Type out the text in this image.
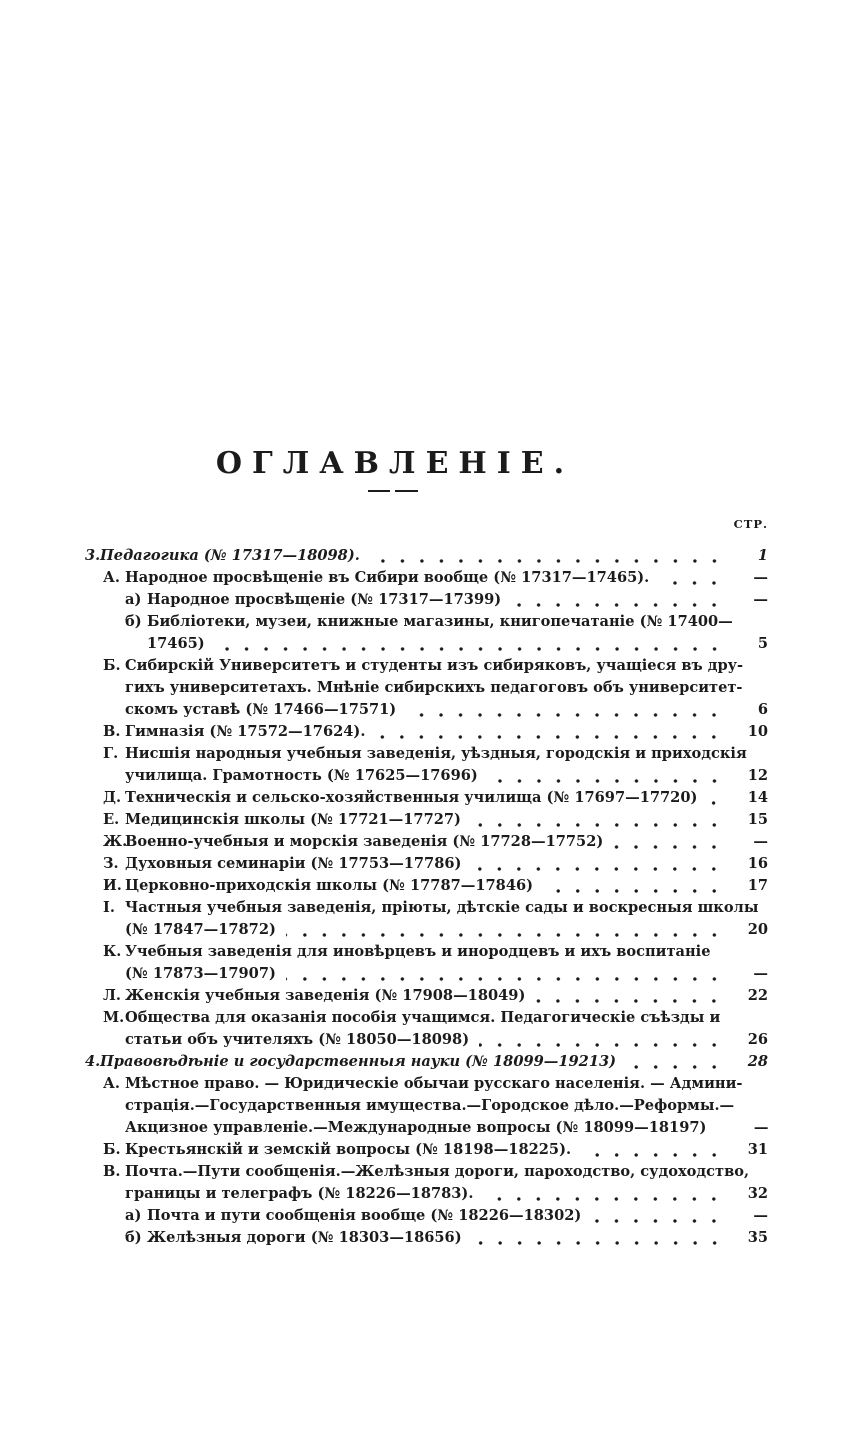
ОГЛАВЛЕНІЕ.
СТР.
3. Педагогика (№ 17317—18098).	1
А. Народное просвѣщеніе въ Сибири вообще (№ 17317—17465).	—
а) Народное просвѣщеніе (№ 17317—17399)	—
б) Библіотеки, музеи, книжные магазины, книгопечатаніе (№ 17400—
17465)	5
Б. Сибирскій Университетъ и студенты изъ сибиряковъ, учащіеся въ дру-
гихъ университетахъ. Мнѣніе сибирскихъ педагоговъ объ университет-
скомъ уставѣ (№ 17466—17571)	6
В. Гимназія (№ 17572—17624).	10
Г. Нисшія народныя учебныя заведенія, уѣздныя, городскія и приходскія
училища. Грамотность (№ 17625—17696)	12
Д. Техническія и сельско-хозяйственныя училища (№ 17697—17720)	14
Е. Медицинскія школы (№ 17721—17727)	15
Ж.
Военно-учебныя и морскія заведенія (№ 17728—17752)	—
З. Духовныя семинаріи (№ 17753—17786)	16
И. Церковно-приходскія школы (№ 17787—17846)	17
І. Частныя учебныя заведенія, пріюты, дѣтскіе сады и воскресныя школы
(№ 17847—17872)	20
К. Учебныя заведенія для иновѣрцевъ и инородцевъ и ихъ воспитаніе
(№ 17873—17907)	—
Л. Женскія учебныя заведенія (№ 17908—18049)	22
М. Общества для оказанія пособія учащимся. Педагогическіе съѣзды и
статьи объ учителяхъ (№ 18050—18098)	26
4. Правовѣдѣніе и государственныя науки (№ 18099—19213)	28
А. Мѣстное право. — Юридическіе обычаи русскаго населенія. — Админи-
страція.—Государственныя имущества.—Городское дѣло.—Реформы.—
Акцизное управленіе.—Международные вопросы (№ 18099—18197)	—
Б. Крестьянскій и земскій вопросы (№ 18198—18225).	31
В. Почта.—Пути сообщенія.—Желѣзныя дороги, пароходство, судоходство,
границы и телеграфъ (№ 18226—18783).	32
а) Почта и пути сообщенія вообще (№ 18226—18302)	—
б) Желѣзныя дороги (№ 18303—18656)	35
